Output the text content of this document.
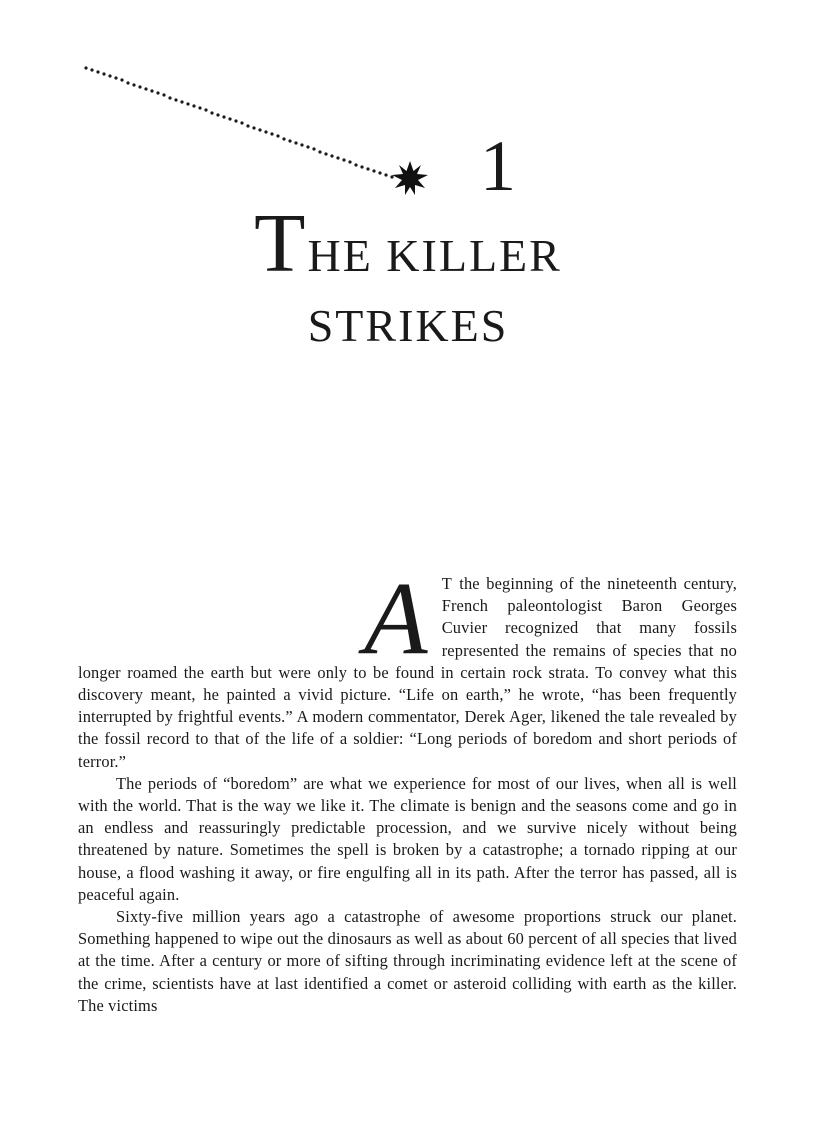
1
THE KILLER
STRIKES

A T the beginning of the nineteenth century, French paleontologist Baron Georges Cuvier recognized that many fossils represented the remains of species that no longer roamed the earth but were only to be found in certain rock strata. To convey what this discovery meant, he painted a vivid picture. “Life on earth,” he wrote, “has been frequently interrupted by frightful events.” A modern commentator, Derek Ager, likened the tale revealed by the fossil record to that of the life of a soldier: “Long periods of boredom and short periods of terror.”

The periods of “boredom” are what we experience for most of our lives, when all is well with the world. That is the way we like it. The climate is benign and the seasons come and go in an endless and reassuringly predictable procession, and we survive nicely without being threatened by nature. Sometimes the spell is broken by a catastrophe; a tornado ripping at our house, a flood washing it away, or fire engulfing all in its path. After the terror has passed, all is peaceful again.

Sixty-five million years ago a catastrophe of awesome proportions struck our planet. Something happened to wipe out the dinosaurs as well as about 60 percent of all species that lived at the time. After a century or more of sifting through incriminating evidence left at the scene of the crime, scientists have at last identified a comet or asteroid colliding with earth as the killer. The victims
